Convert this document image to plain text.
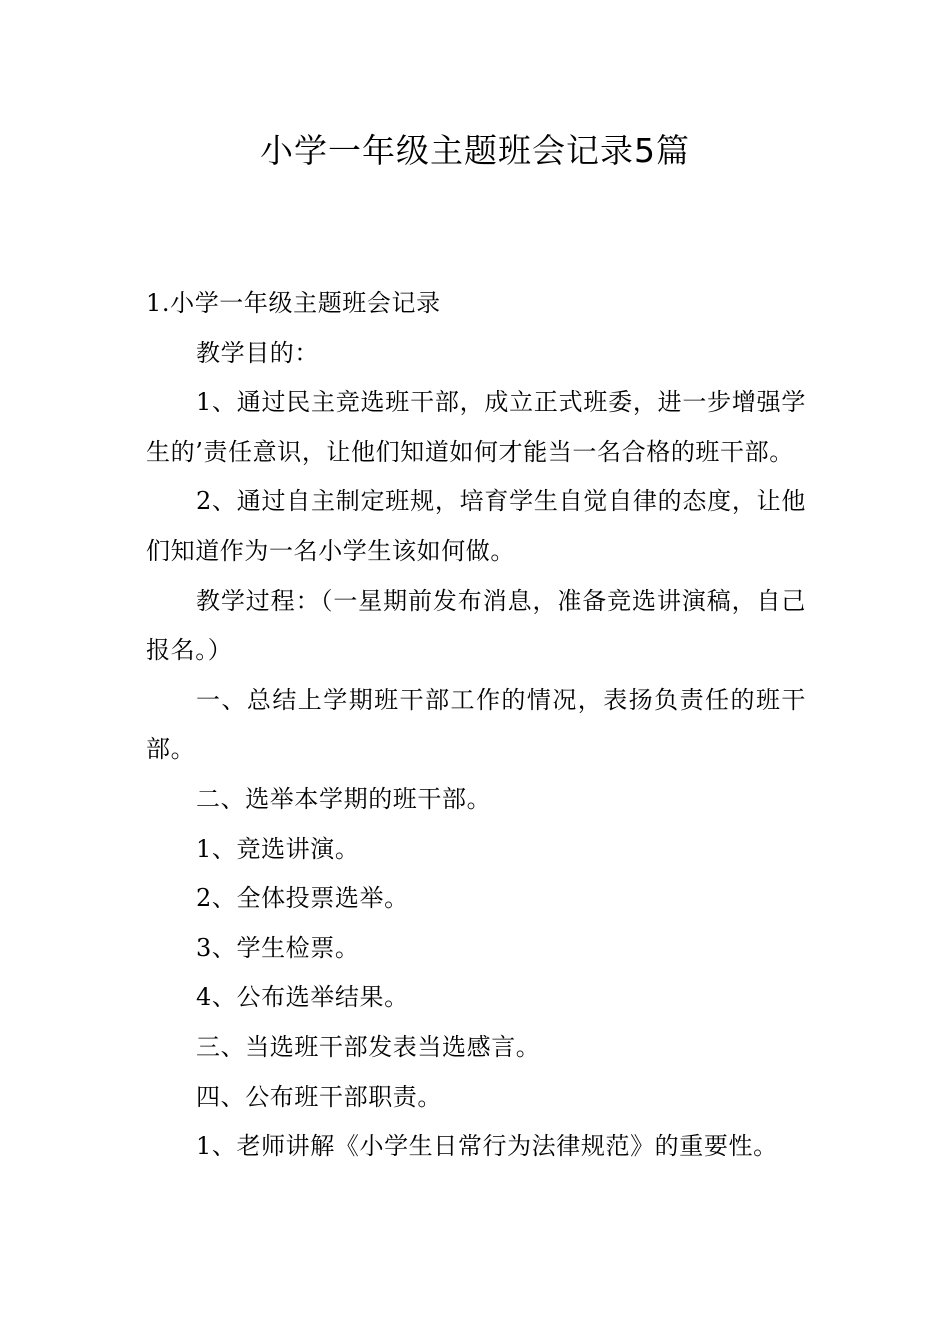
小学一年级主题班会记录5篇

1.小学一年级主题班会记录

教学目的：

1、通过民主竞选班干部，成立正式班委，进一步增强学生的’责任意识，让他们知道如何才能当一名合格的班干部。

2、通过自主制定班规，培育学生自觉自律的态度，让他们知道作为一名小学生该如何做。

教学过程：（一星期前发布消息，准备竞选讲演稿，自己报名。）

一、总结上学期班干部工作的情况，表扬负责任的班干部。

二、选举本学期的班干部。

1、竞选讲演。

2、全体投票选举。

3、学生检票。

4、公布选举结果。

三、当选班干部发表当选感言。

四、公布班干部职责。

1、老师讲解《小学生日常行为法律规范》的重要性。
